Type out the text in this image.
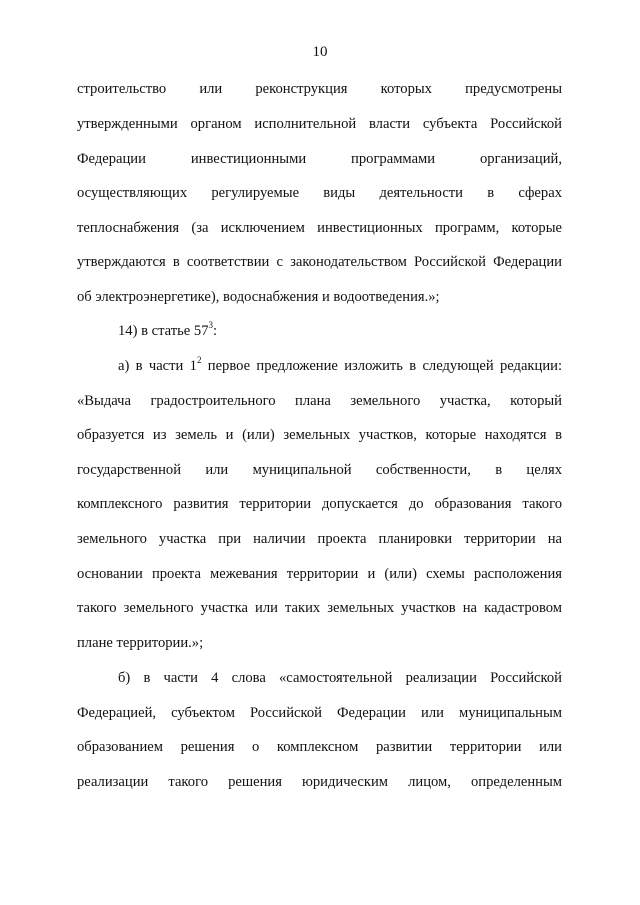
10
строительство или реконструкция которых предусмотрены
утвержденными органом исполнительной власти субъекта Российской
Федерации инвестиционными программами организаций,
осуществляющих регулируемые виды деятельности в сферах
теплоснабжения (за исключением инвестиционных программ, которые
утверждаются в соответствии с законодательством Российской Федерации
об электроэнергетике), водоснабжения и водоотведения.»;
14) в статье $57^3$:
а) в части $1^2$ первое предложение изложить в следующей редакции:
«Выдача градостроительного плана земельного участка, который
образуется из земель и (или) земельных участков, которые находятся в
государственной или муниципальной собственности, в целях
комплексного развития территории допускается до образования такого
земельного участка при наличии проекта планировки территории на
основании проекта межевания территории и (или) схемы расположения
такого земельного участка или таких земельных участков на кадастровом
плане территории.»;
б) в части 4 слова «самостоятельной реализации Российской
Федерацией, субъектом Российской Федерации или муниципальным
образованием решения о комплексном развитии территории или
реализации такого решения юридическим лицом, определенным
